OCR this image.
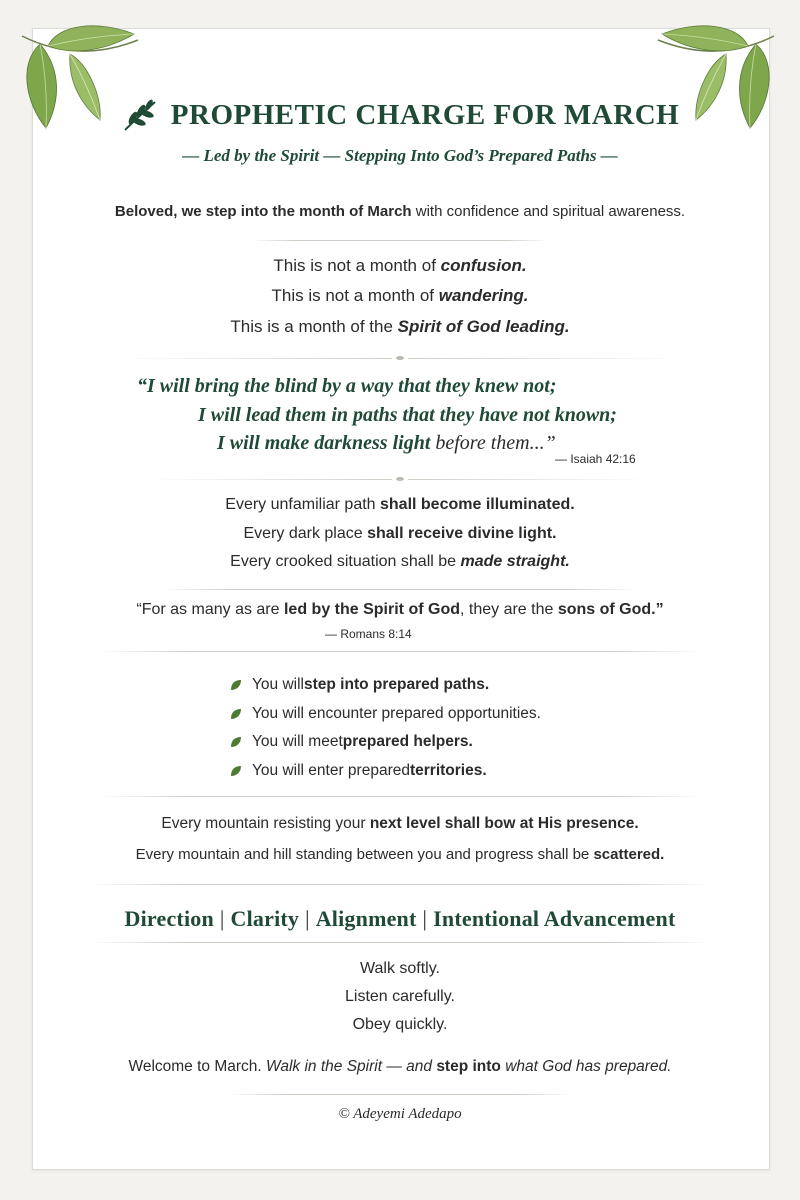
PROPHETIC CHARGE FOR MARCH
— Led by the Spirit — Stepping Into God’s Prepared Paths —
Beloved, we step into the month of March with confidence and spiritual awareness.
This is not a month of confusion.
This is not a month of wandering.
This is a month of the Spirit of God leading.
“I will bring the blind by a way that they knew not;
I will lead them in paths that they have not known;
I will make darkness light before them...”
— Isaiah 42:16
Every unfamiliar path shall become illuminated.
Every dark place shall receive divine light.
Every crooked situation shall be made straight.
“For as many as are led by the Spirit of God, they are the sons of God.”
— Romans 8:14
You will step into prepared paths.
You will encounter prepared opportunities.
You will meet prepared helpers.
You will enter prepared territories.
Every mountain resisting your next level shall bow at His presence.
Every mountain and hill standing between you and progress shall be scattered.
Direction | Clarity | Alignment | Intentional Advancement
Walk softly.
Listen carefully.
Obey quickly.
Welcome to March. Walk in the Spirit — and step into what God has prepared.
© Adeyemi Adedapo
